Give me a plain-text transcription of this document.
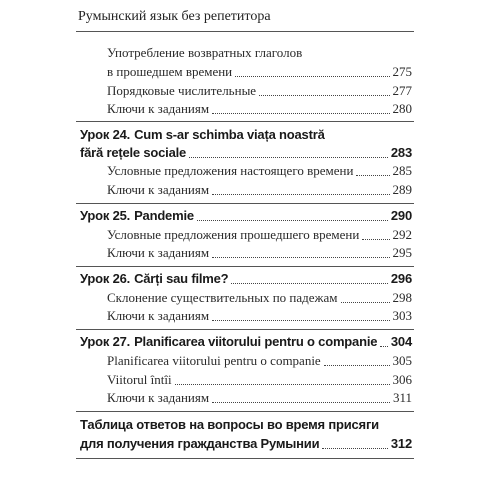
Румынский язык без репетитора
Употребление возвратных глаголов
в прошедшем времени	275
Порядковые числительные	277
Ключи к заданиям	280
Урок 24. Cum s-ar schimba viața noastră
fără rețele sociale	283
Условные предложения настоящего времени	285
Ключи к заданиям	289
Урок 25. Pandemie	290
Условные предложения прошедшего времени	292
Ключи к заданиям	295
Урок 26. Cărți sau filme?	296
Склонение существительных по падежам	298
Ключи к заданиям	303
Урок 27. Planificarea viitorului pentru o companie 304
Planificarea viitorului pentru o companie	305
Viitorul întîi	306
Ключи к заданиям	311
Таблица ответов на вопросы во время присяги
для получения гражданства Румынии	312
